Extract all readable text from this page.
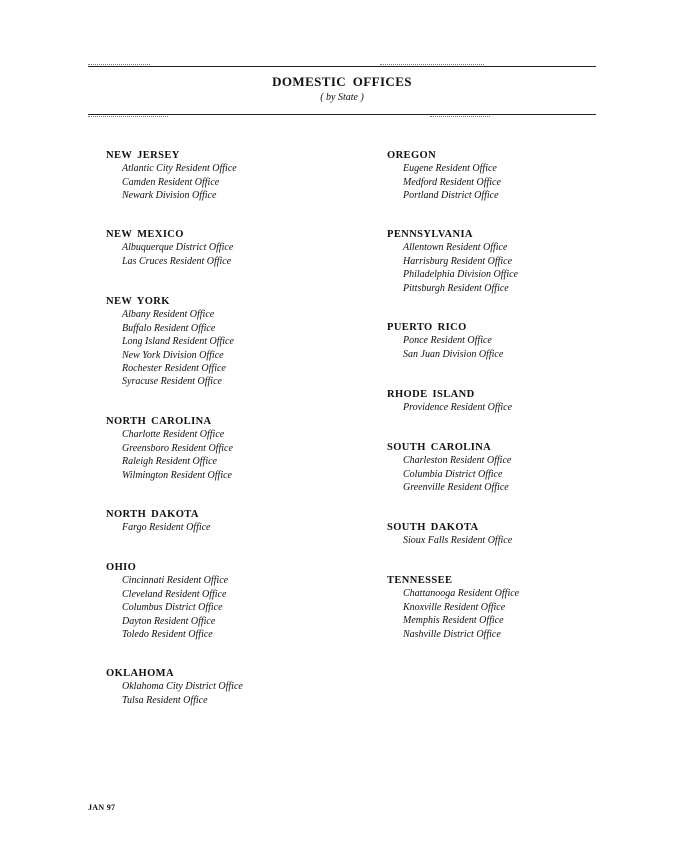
DOMESTIC OFFICES
( by State )
NEW JERSEY
Atlantic City Resident Office
Camden Resident Office
Newark Division Office
NEW MEXICO
Albuquerque District Office
Las Cruces Resident Office
NEW YORK
Albany Resident Office
Buffalo Resident Office
Long Island Resident Office
New York Division Office
Rochester Resident Office
Syracuse Resident Office
NORTH CAROLINA
Charlotte Resident Office
Greensboro Resident Office
Raleigh Resident Office
Wilmington Resident Office
NORTH DAKOTA
Fargo Resident Office
OHIO
Cincinnati Resident Office
Cleveland Resident Office
Columbus District Office
Dayton Resident Office
Toledo Resident Office
OKLAHOMA
Oklahoma City District Office
Tulsa Resident Office
OREGON
Eugene Resident Office
Medford Resident Office
Portland District Office
PENNSYLVANIA
Allentown Resident Office
Harrisburg Resident Office
Philadelphia Division Office
Pittsburgh Resident Office
PUERTO RICO
Ponce Resident Office
San Juan Division Office
RHODE ISLAND
Providence Resident Office
SOUTH CAROLINA
Charleston Resident Office
Columbia District Office
Greenville Resident Office
SOUTH DAKOTA
Sioux Falls Resident Office
TENNESSEE
Chattanooga Resident Office
Knoxville Resident Office
Memphis Resident Office
Nashville District Office
JAN 97
